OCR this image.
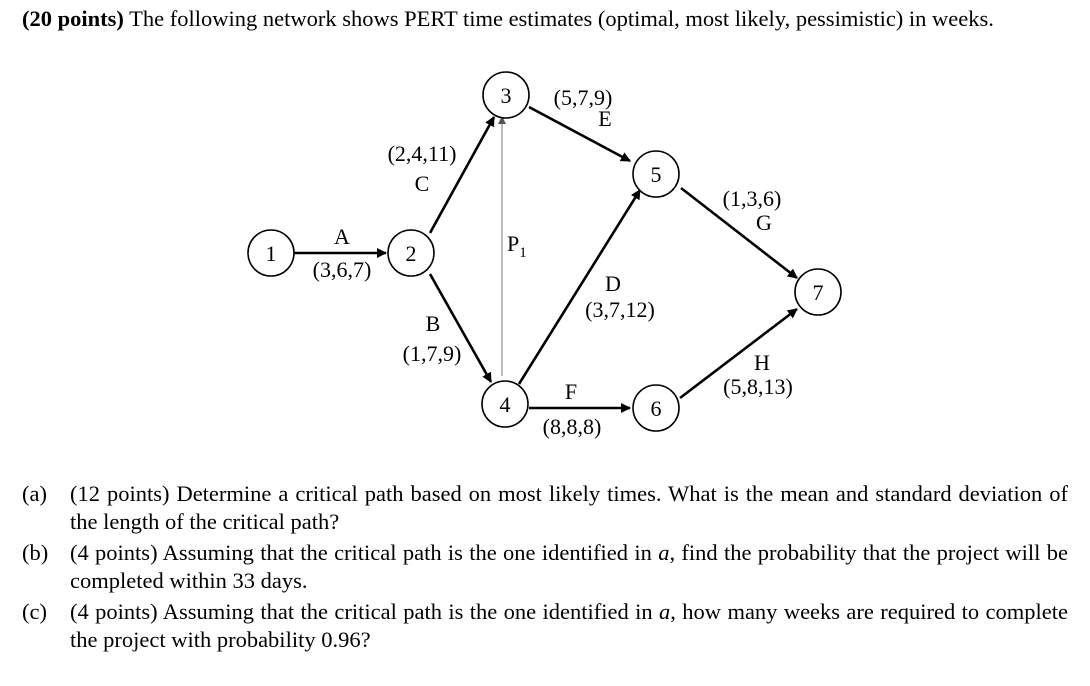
(20 points) The following network shows PERT time estimates (optimal, most likely, pessimistic) in weeks.
1	2
3
4
5
6
7
A
(3,6,7)
(2,4,11)
C
B
(1,7,9)
$P_1$
(5,7,9)
E
D
(3,7,12)
F
(8,8,8)
(1,3,6)
G
H
(5,8,13)
(a) (12 points) Determine a critical path based on most likely times. What is the mean and standard deviation of the length of the critical path?
(b) (4 points) Assuming that the critical path is the one identified in a, find the probability that the project will be completed within 33 days.
(c) (4 points) Assuming that the critical path is the one identified in a, how many weeks are required to complete the project with probability 0.96?
